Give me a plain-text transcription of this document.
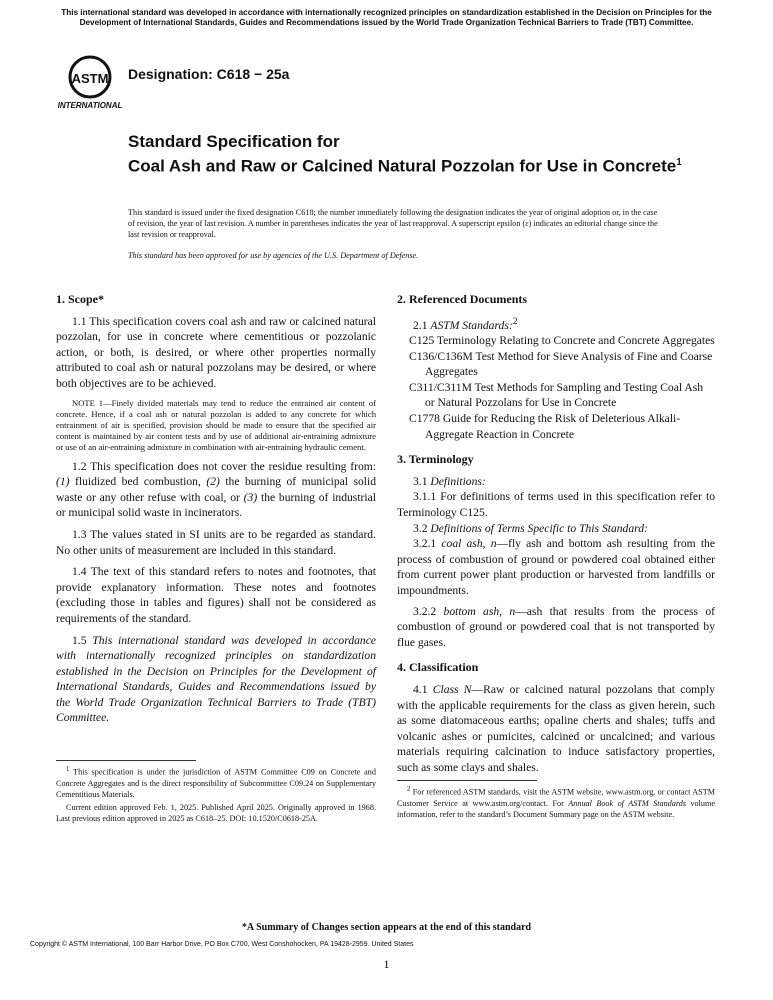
This international standard was developed in accordance with internationally recognized principles on standardization established in the Decision on Principles for the Development of International Standards, Guides and Recommendations issued by the World Trade Organization Technical Barriers to Trade (TBT) Committee.
ASTM
INTERNATIONAL
Designation: C618 − 25a
Standard Specification for
Coal Ash and Raw or Calcined Natural Pozzolan for Use in Concrete$^1$
This standard is issued under the fixed designation C618; the number immediately following the designation indicates the year of original adoption or, in the case of revision, the year of last revision. A number in parentheses indicates the year of last reapproval. A superscript epsilon (ε) indicates an editorial change since the last revision or reapproval.
This standard has been approved for use by agencies of the U.S. Department of Defense.
1. Scope*

1.1 This specification covers coal ash and raw or calcined natural pozzolan, for use in concrete where cementitious or pozzolanic action, or both, is desired, or where other properties normally attributed to coal ash or natural pozzolans may be desired, or where both objectives are to be achieved.

NOTE 1—Finely divided materials may tend to reduce the entrained air content of concrete. Hence, if a coal ash or natural pozzolan is added to any concrete for which entrainment of air is specified, provision should be made to ensure that the specified air content is maintained by air content tests and by use of additional air-entraining admixture or use of an air-entraining admixture in combination with air-entraining hydraulic cement.

1.2 This specification does not cover the residue resulting from: (1) fluidized bed combustion, (2) the burning of municipal solid waste or any other refuse with coal, or (3) the burning of industrial or municipal solid waste in incinerators.

1.3 The values stated in SI units are to be regarded as standard. No other units of measurement are included in this standard.

1.4 The text of this standard refers to notes and footnotes, that provide explanatory information. These notes and footnotes (excluding those in tables and figures) shall not be considered as requirements of the standard.

1.5 This international standard was developed in accordance with internationally recognized principles on standardization established in the Decision on Principles for the Development of International Standards, Guides and Recommendations issued by the World Trade Organization Technical Barriers to Trade (TBT) Committee.

$^1$ This specification is under the jurisdiction of ASTM Committee C09 on Concrete and Concrete Aggregates and is the direct responsibility of Subcommittee C09.24 on Supplementary Cementitious Materials.

Current edition approved Feb. 1, 2025. Published April 2025. Originally approved in 1968. Last previous edition approved in 2025 as C618–25. DOI: 10.1520/C0618-25A.

2. Referenced Documents

2.1 ASTM Standards:$^2$

C125 Terminology Relating to Concrete and Concrete Aggregates

C136/C136M Test Method for Sieve Analysis of Fine and Coarse Aggregates

C311/C311M Test Methods for Sampling and Testing Coal Ash or Natural Pozzolans for Use in Concrete

C1778 Guide for Reducing the Risk of Deleterious Alkali-Aggregate Reaction in Concrete

3. Terminology

3.1 Definitions:

3.1.1 For definitions of terms used in this specification refer to Terminology C125.

3.2 Definitions of Terms Specific to This Standard:

3.2.1 coal ash, n—fly ash and bottom ash resulting from the process of combustion of ground or powdered coal obtained either from current power plant production or harvested from landfills or impoundments.

3.2.2 bottom ash, n—ash that results from the process of combustion of ground or powdered coal that is not transported by flue gases.

4. Classification

4.1 Class N—Raw or calcined natural pozzolans that comply with the applicable requirements for the class as given herein, such as some diatomaceous earths; opaline cherts and shales; tuffs and volcanic ashes or pumicites, calcined or uncalcined; and various materials requiring calcination to induce satisfactory properties, such as some clays and shales.

$^2$ For referenced ASTM standards, visit the ASTM website, www.astm.org, or contact ASTM Customer Service at www.astm.org/contact. For Annual Book of ASTM Standards volume information, refer to the standard’s Document Summary page on the ASTM website.

*A Summary of Changes section appears at the end of this standard
Copyright © ASTM International, 100 Barr Harbor Drive, PO Box C700, West Conshohocken, PA 19428-2959. United States
1
